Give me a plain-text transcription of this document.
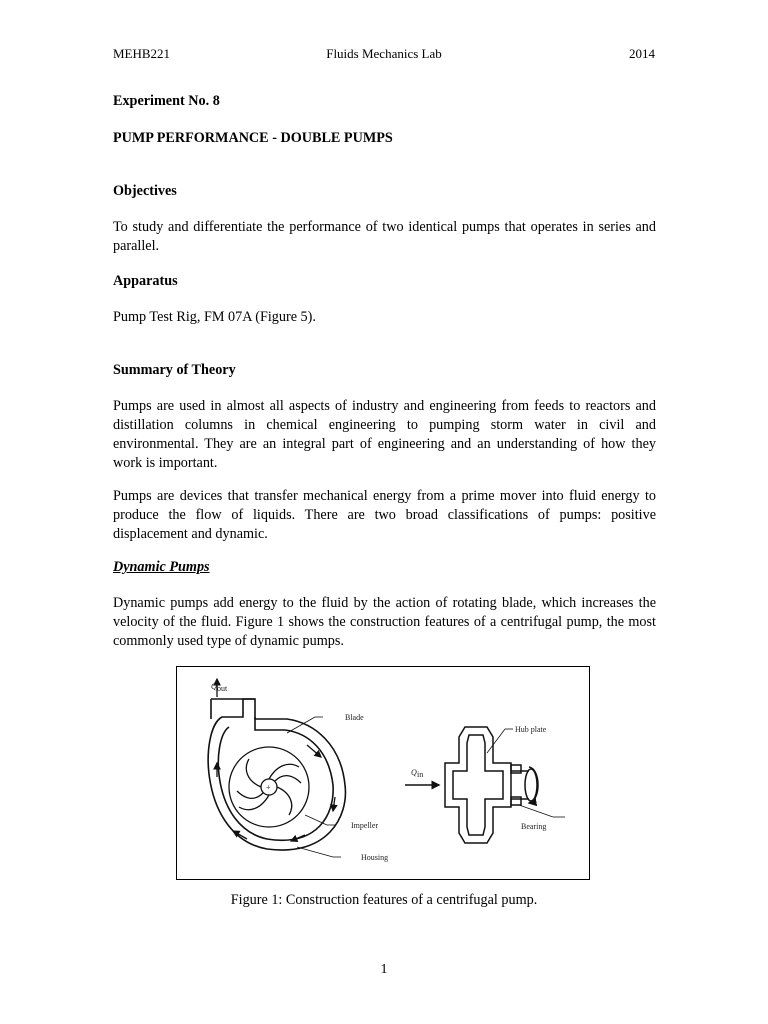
MEHB221	Fluids Mechanics Lab	2014
Experiment No. 8
PUMP PERFORMANCE - DOUBLE PUMPS
Objectives
To study and differentiate the performance of two identical pumps that operates in series and parallel.
Apparatus
Pump Test Rig, FM 07A (Figure 5).
Summary of Theory
Pumps are used in almost all aspects of industry and engineering from feeds to reactors and distillation columns in chemical engineering to pumping storm water in civil and environmental. They are an integral part of engineering and an understanding of how they work is important.
Pumps are devices that transfer mechanical energy from a prime mover into fluid energy to produce the flow of liquids. There are two broad classifications of pumps: positive displacement and dynamic.
Dynamic Pumps
Dynamic pumps add energy to the fluid by the action of rotating blade, which increases the velocity of the fluid. Figure 1 shows the construction features of a centrifugal pump, the most commonly used type of dynamic pumps.
+
Q out
Blade
Impeller
Housing
Q in
Hub plate
Bearing
Figure 1: Construction features of a centrifugal pump.
1
